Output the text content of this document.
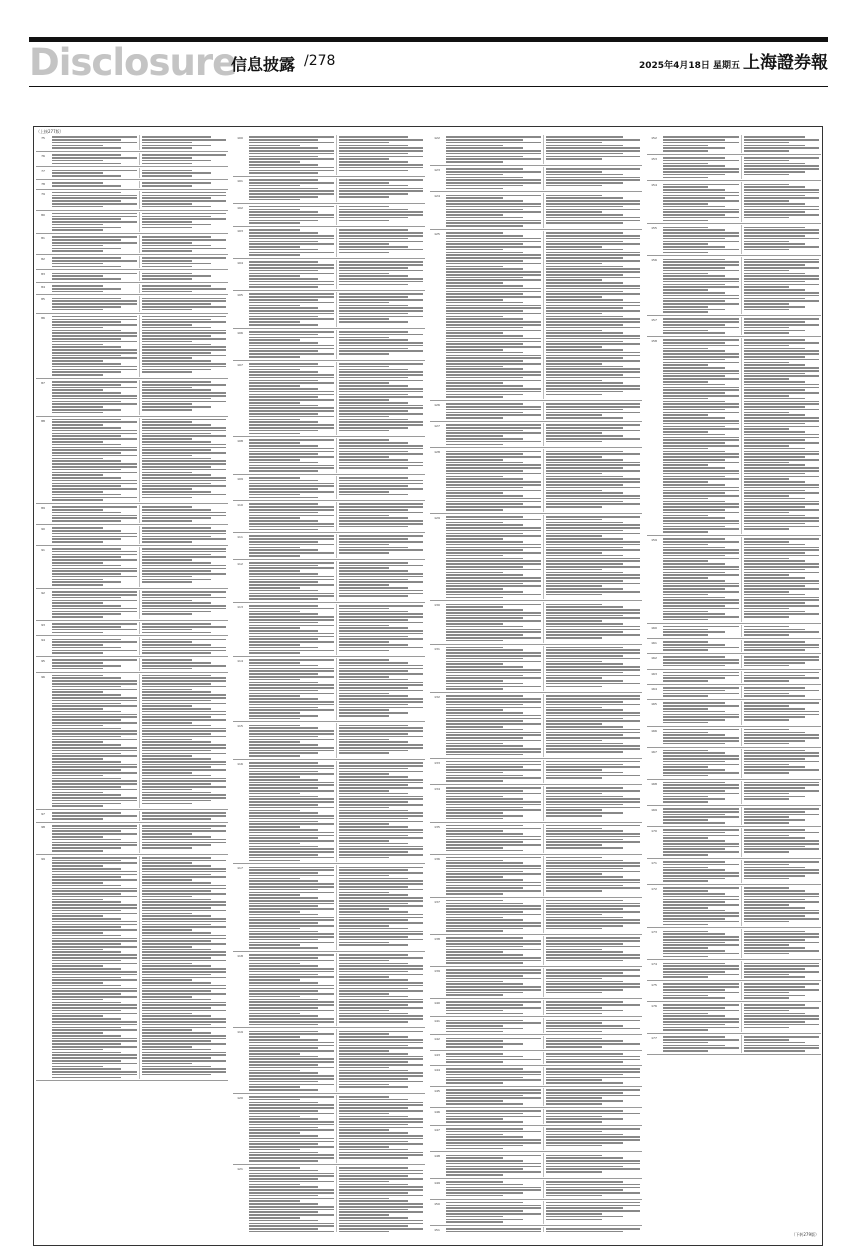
Disclosure
信息披露 /278	2025年4月18日 星期五 上海證券報
（上接277版）
（下转279版）
75
76
77
78
79
80
81
82
83
84
85
86
87
88
89
90
91
92
93
94
95
96
97
98
99
100
101
102
103
104
105
106
107
108
109
110
111
112
113
114
115
116
117
118
119
120
121
122
123
124
125
126
127
128
129
130
131
132
133
134
135
136
137
138
139
140
141
142
143
144
145
146
147
148
149
150
151
152
153
154
155
156
157
158
159
160
161
162
163
164
165
166
167
168
169
170
171
172
173
174
175
176
177
